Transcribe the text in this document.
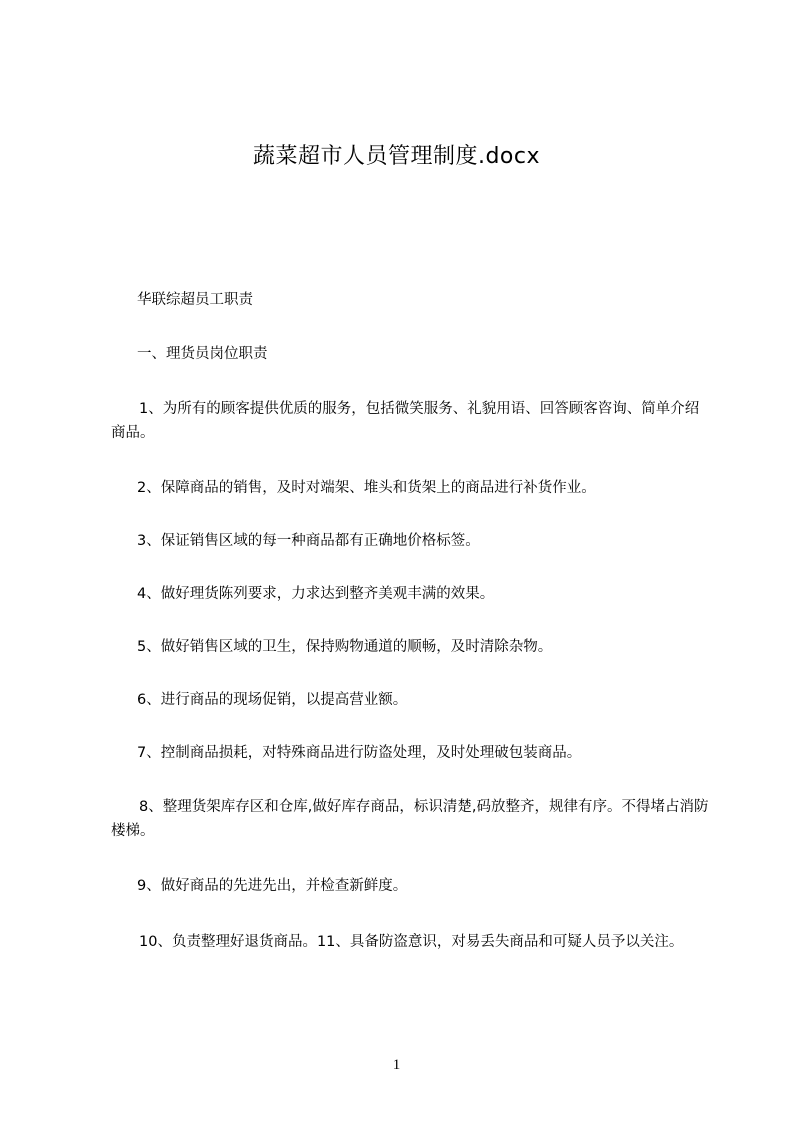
蔬菜超市人员管理制度.docx

华联综超员工职责

一、理货员岗位职责

1、为所有的顾客提供优质的服务，包括微笑服务、礼貌用语、回答顾客咨询、简单介绍商品。

2、保障商品的销售，及时对端架、堆头和货架上的商品进行补货作业。

3、保证销售区域的每一种商品都有正确地价格标签。

4、做好理货陈列要求，力求达到整齐美观丰满的效果。

5、做好销售区域的卫生，保持购物通道的顺畅，及时清除杂物。

6、进行商品的现场促销，以提高营业额。

7、控制商品损耗，对特殊商品进行防盗处理，及时处理破包装商品。

8、整理货架库存区和仓库,做好库存商品，标识清楚,码放整齐，规律有序。不得堵占消防楼梯。

9、做好商品的先进先出，并检查新鲜度。

10、负责整理好退货商品。11、具备防盗意识，对易丢失商品和可疑人员予以关注。

1
